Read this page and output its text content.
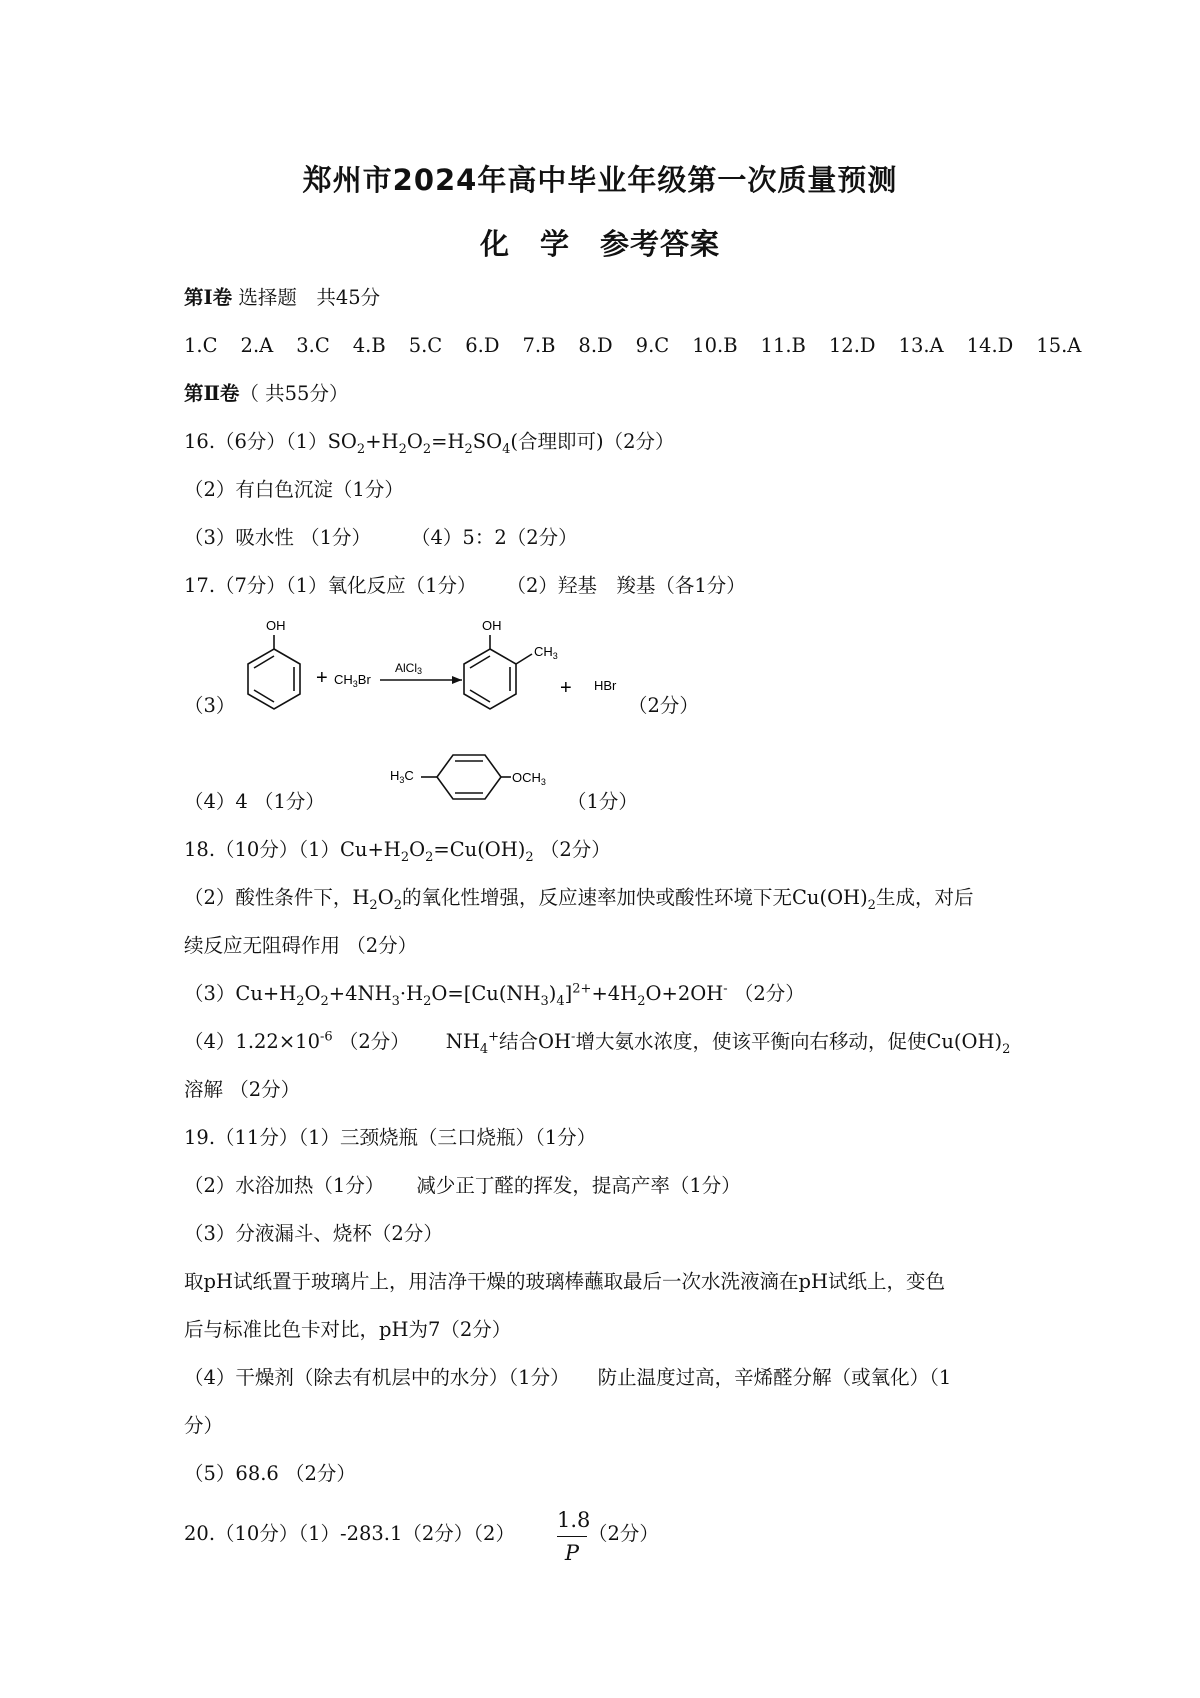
郑州市2024年高中毕业年级第一次质量预测
化　学　参考答案
第Ⅰ卷 选择题　共45分
1.C 2.A 3.C 4.B 5.C 6.D 7.B 8.D 9.C 10.B 11.B 12.D 13.A 14.D 15.A
第Ⅱ卷（ 共55分）
16.（6分）$(1)SO_2+H_2O_2=H_2SO_4$(合理即可)（2分）
（2）有白色沉淀（1分）
（3）吸水性 （1分） （4）5：2（2分）
17.（7分）（1）氧化反应（1分） （2）羟基　羧基（各1分）
（3）
OH
+ $CH_3Br$
AlCl3
OH
$CH_3$
+ HBr
（2分）
（4）4 （1分）
$H_3C$	$OCH_3$
（1分）
18.（10分）$(1)Cu+H_2O_2=Cu(OH)_2$ （2分）
（2）酸性条件下，$H_2O_2$的氧化性增强，反应速率加快或酸性环境下无$Cu(OH)_2$生成，对后
续反应无阻碍作用 （2分）
$(3)Cu+H_2O_2+4NH_3\cdot H_2O=[Cu(NH_3)_4]^{2+}+4H_2O+2OH^-$ （2分）
$(4)1.22\times 10^{-6}$ （2分） $NH_4^+$结合OH-增大氨水浓度，使该平衡向右移动，促使$Cu(OH)_2$
溶解 （2分）
19.（11分）（1）三颈烧瓶（三口烧瓶）（1分）
（2）水浴加热（1分） 减少正丁醛的挥发，提高产率（1分）
（3）分液漏斗、烧杯（2分）
取pH试纸置于玻璃片上，用洁净干燥的玻璃棒蘸取最后一次水洗液滴在pH试纸上，变色
后与标准比色卡对比，pH为7（2分）
（4）干燥剂（除去有机层中的水分）（1分） 防止温度过高，辛烯醛分解（或氧化）（1
分）
（5）68.6 （2分）
20.（10分）（1）-283.1（2分）$(2) \frac{1.8}{P} (2$分）
